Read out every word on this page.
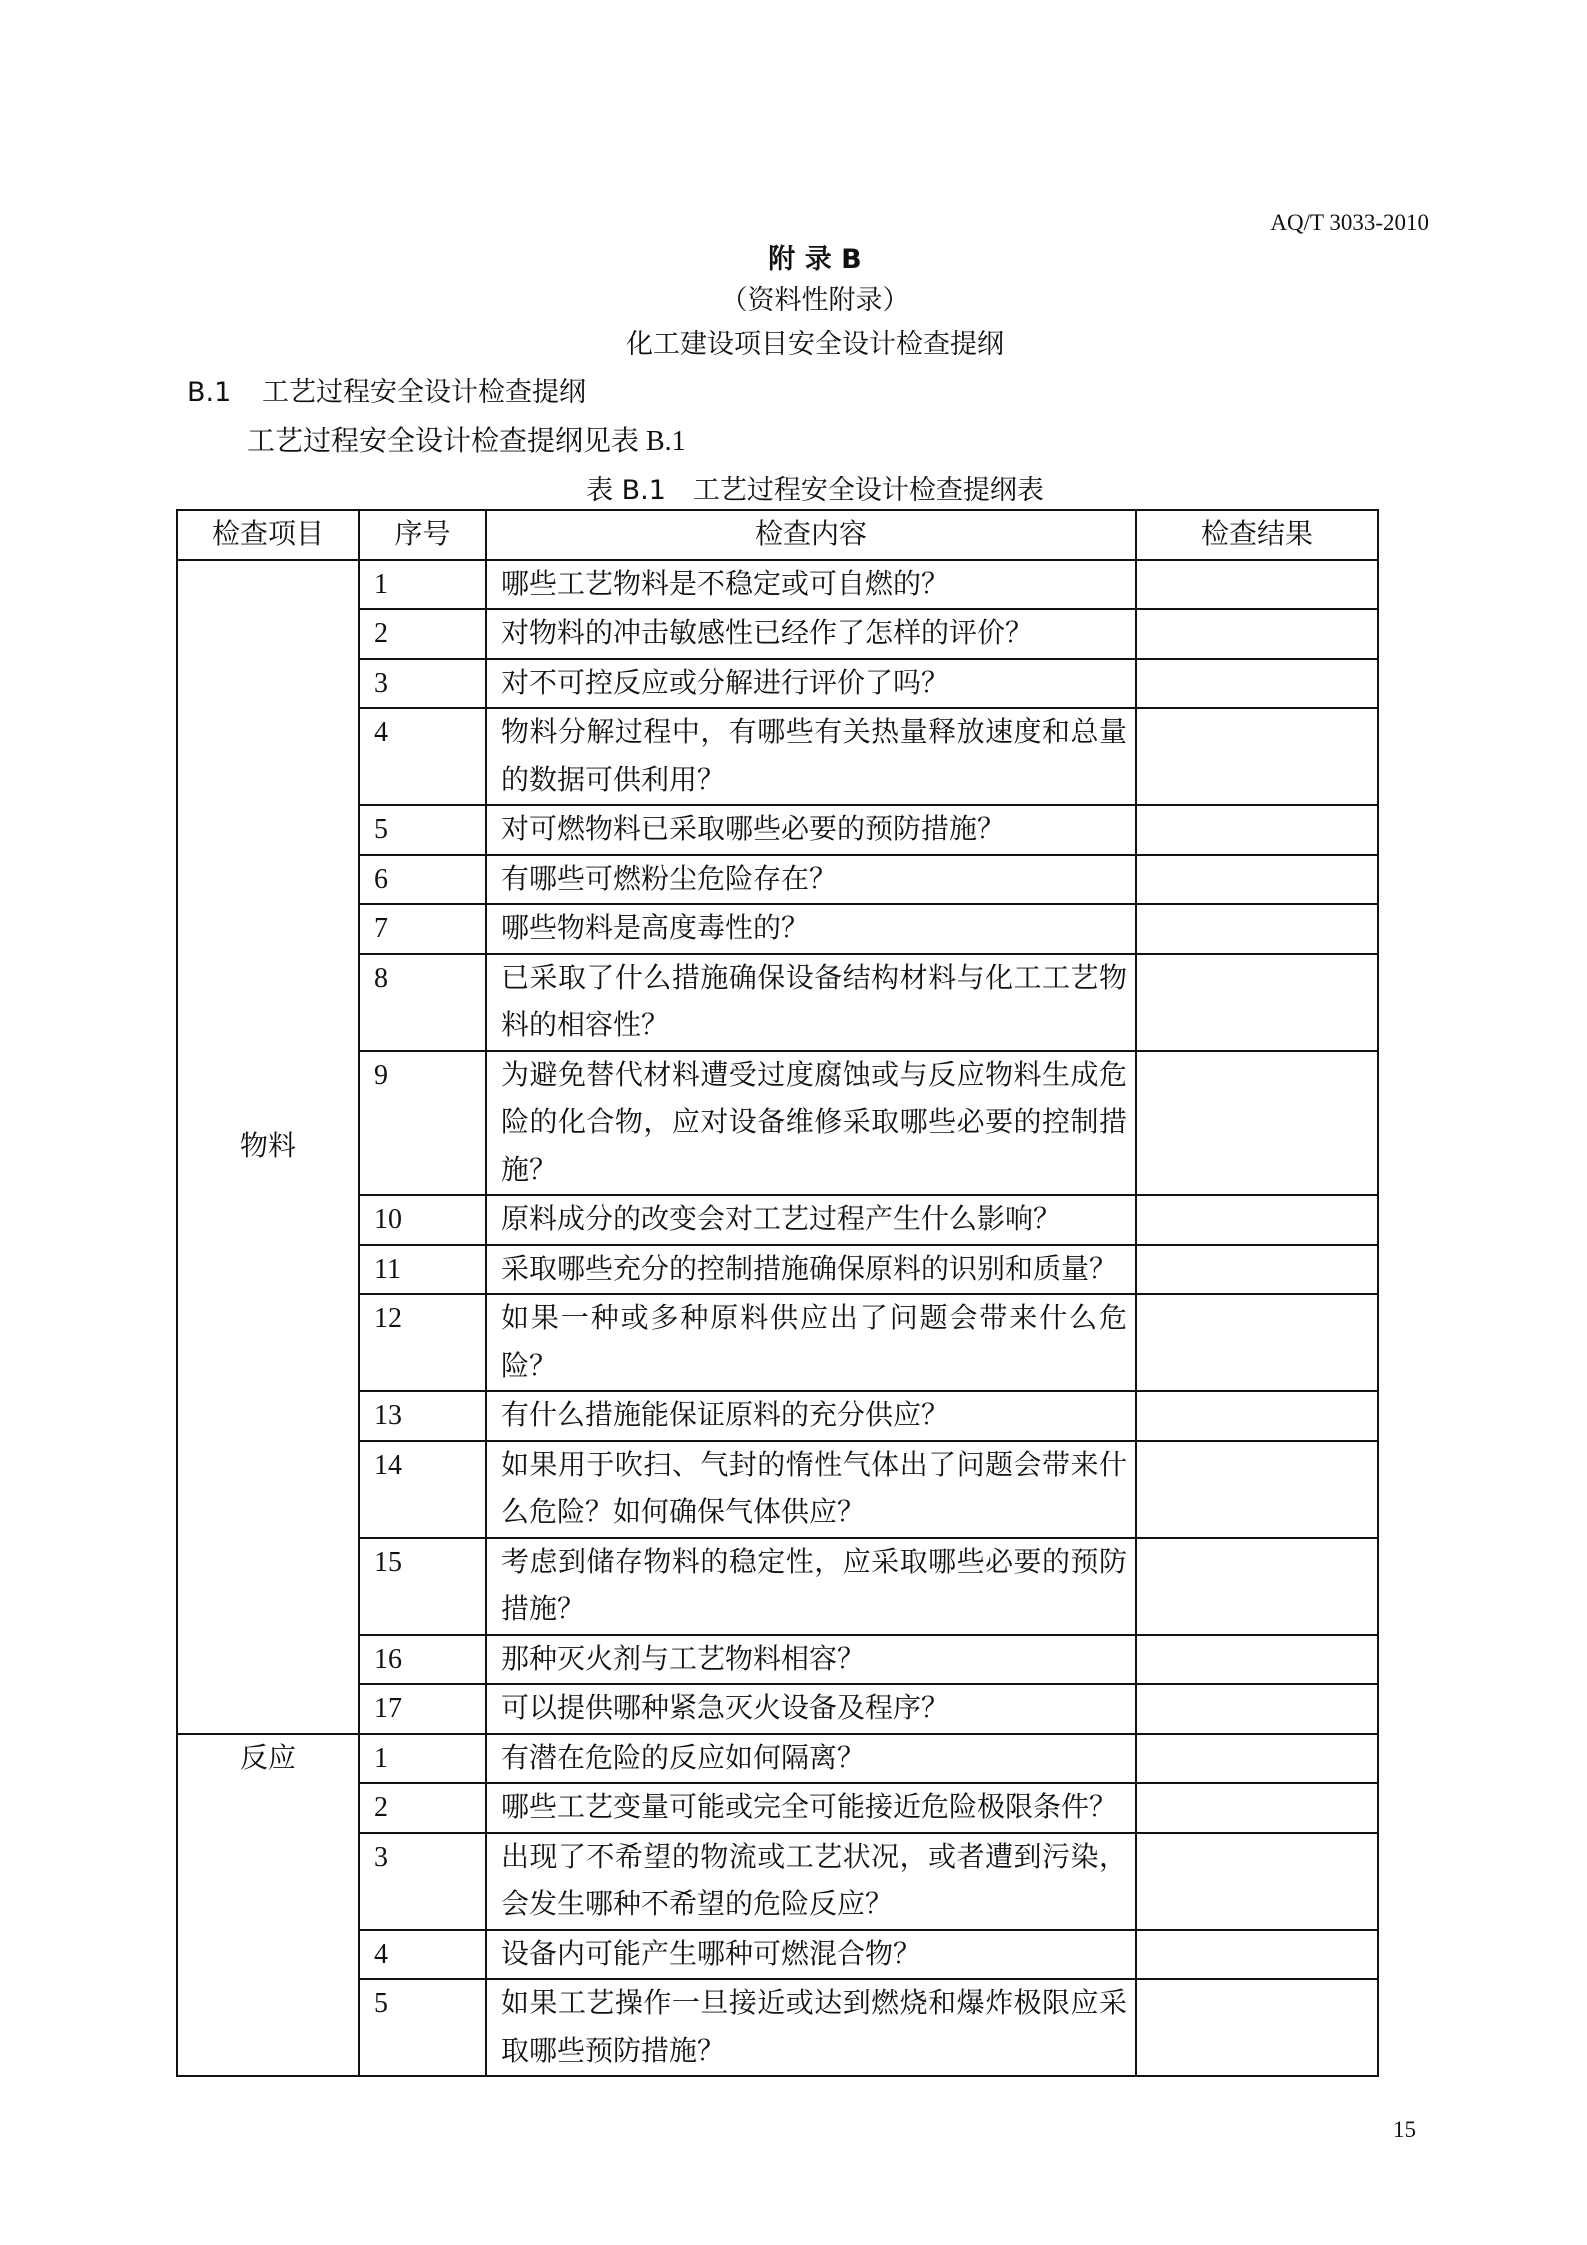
AQ/T 3033-2010
附 录 B
（资料性附录）
化工建设项目安全设计检查提纲
B.1 工艺过程安全设计检查提纲
工艺过程安全设计检查提纲见表 B.1
表 B.1　工艺过程安全设计检查提纲表
检查项目	序号	检查内容	检查结果
物料	1	哪些工艺物料是不稳定或可自燃的？	

	2	对物料的冲击敏感性已经作了怎样的评价？	

	3	对不可控反应或分解进行评价了吗？	

	4	物料分解过程中，有哪些有关热量释放速度和总量
的数据可供利用？	

	5	对可燃物料已采取哪些必要的预防措施？	

	6	有哪些可燃粉尘危险存在？	

	7	哪些物料是高度毒性的？	

	8	已采取了什么措施确保设备结构材料与化工工艺物
料的相容性？	

	9	为避免替代材料遭受过度腐蚀或与反应物料生成危
险的化合物，应对设备维修采取哪些必要的控制措
施？	

	10	原料成分的改变会对工艺过程产生什么影响？	

	11	采取哪些充分的控制措施确保原料的识别和质量？	

	12	如果一种或多种原料供应出了问题会带来什么危
险？	

	13	有什么措施能保证原料的充分供应？	

	14	如果用于吹扫、气封的惰性气体出了问题会带来什
么危险？如何确保气体供应？	

	15	考虑到储存物料的稳定性，应采取哪些必要的预防
措施？	

	16	那种灭火剂与工艺物料相容？	

	17	可以提供哪种紧急灭火设备及程序？	

反应	1	有潜在危险的反应如何隔离？	

	2	哪些工艺变量可能或完全可能接近危险极限条件？	

	3	出现了不希望的物流或工艺状况，或者遭到污染，
会发生哪种不希望的危险反应？	

	4	设备内可能产生哪种可燃混合物？	

	5	如果工艺操作一旦接近或达到燃烧和爆炸极限应采
取哪些预防措施？	

15
